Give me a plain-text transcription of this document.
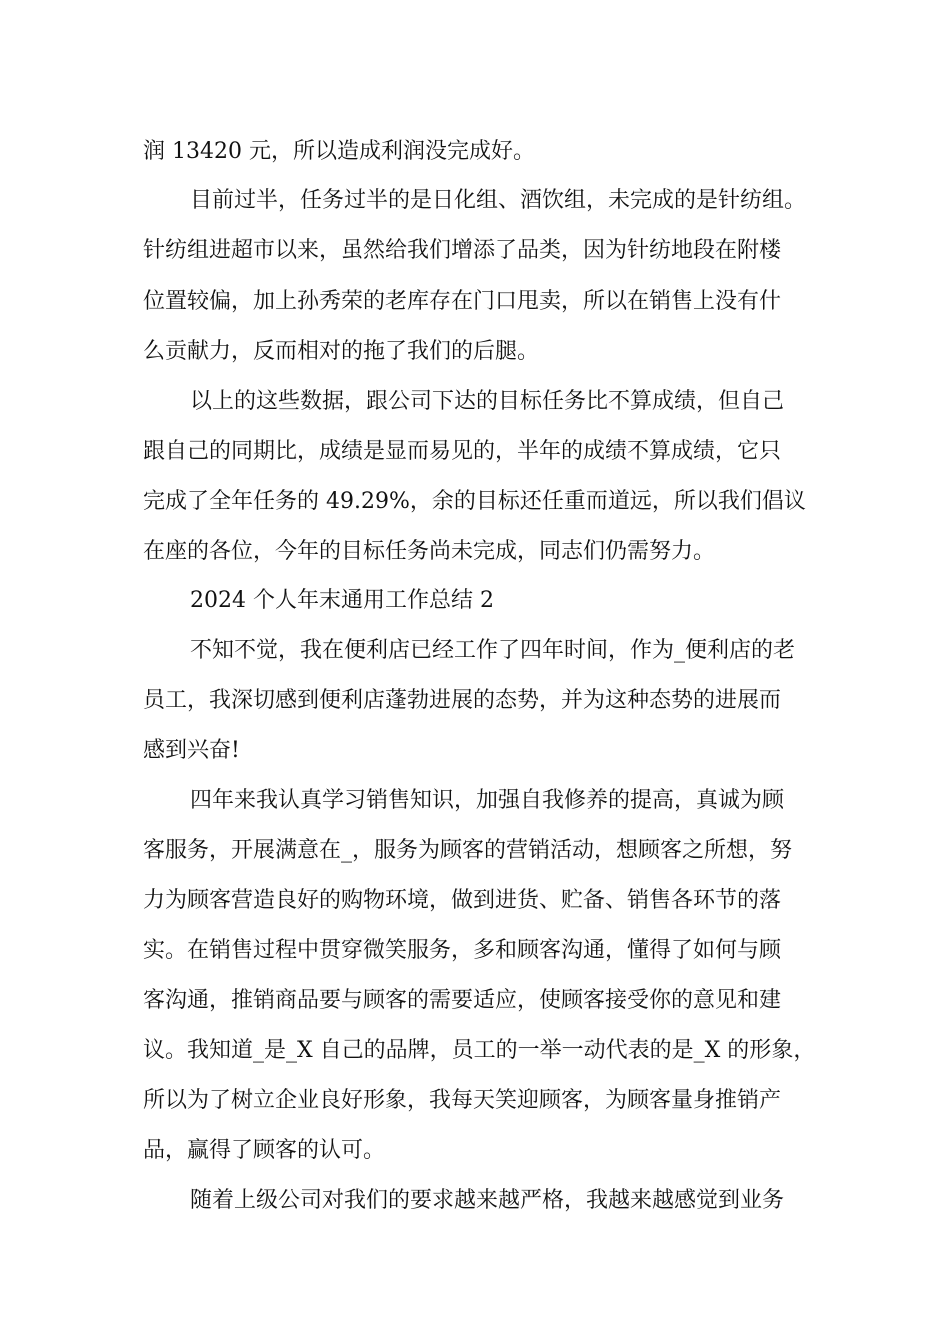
润 13420 元，所以造成利润没完成好。
目前过半，任务过半的是日化组、酒饮组，未完成的是针纺组。
针纺组进超市以来，虽然给我们增添了品类，因为针纺地段在附楼
位置较偏，加上孙秀荣的老库存在门口甩卖，所以在销售上没有什
么贡献力，反而相对的拖了我们的后腿。
以上的这些数据，跟公司下达的目标任务比不算成绩，但自己
跟自己的同期比，成绩是显而易见的，半年的成绩不算成绩，它只
完成了全年任务的 49.29%，余的目标还任重而道远，所以我们倡议
在座的各位，今年的目标任务尚未完成，同志们仍需努力。
2024 个人年末通用工作总结 2
不知不觉，我在便利店已经工作了四年时间，作为_便利店的老
员工，我深切感到便利店蓬勃进展的态势，并为这种态势的进展而
感到兴奋!
四年来我认真学习销售知识，加强自我修养的提高，真诚为顾
客服务，开展满意在_，服务为顾客的营销活动，想顾客之所想，努
力为顾客营造良好的购物环境，做到进货、贮备、销售各环节的落
实。在销售过程中贯穿微笑服务，多和顾客沟通，懂得了如何与顾
客沟通，推销商品要与顾客的需要适应，使顾客接受你的意见和建
议。我知道_是_X 自己的品牌，员工的一举一动代表的是_X 的形象，
所以为了树立企业良好形象，我每天笑迎顾客，为顾客量身推销产
品，赢得了顾客的认可。
随着上级公司对我们的要求越来越严格，我越来越感觉到业务
